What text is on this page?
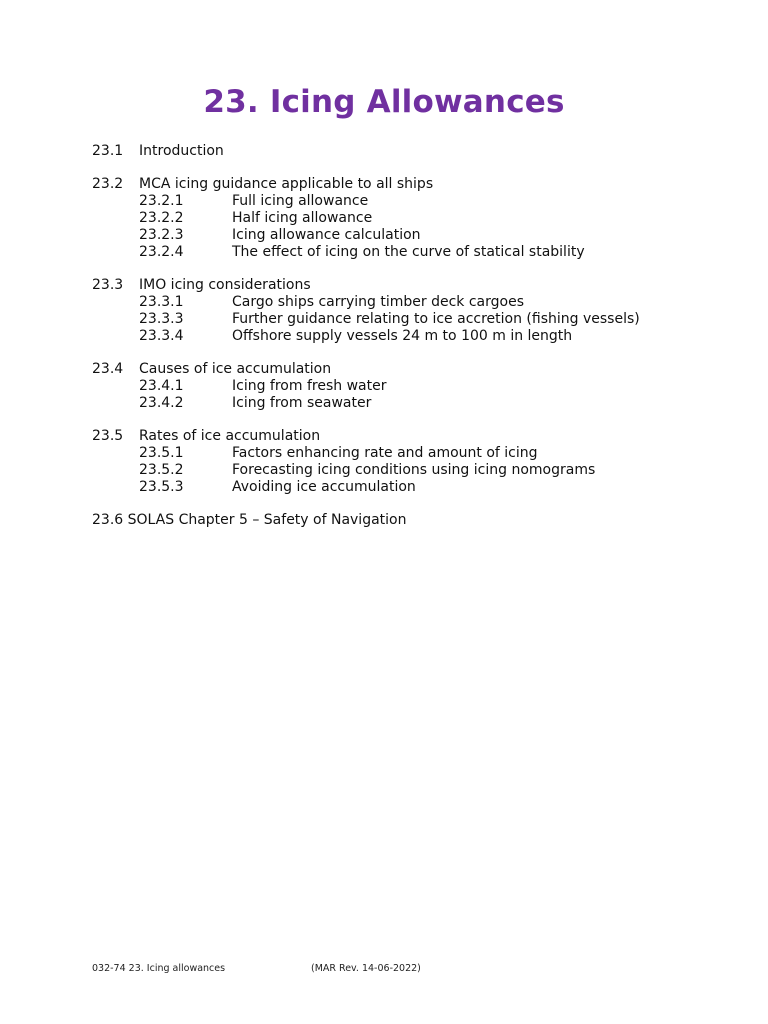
23. Icing Allowances
23.1	Introduction
23.2	MCA icing guidance applicable to all ships
23.2.1	Full icing allowance
23.2.2	Half icing allowance
23.2.3	Icing allowance calculation
23.2.4	The effect of icing on the curve of statical stability
23.3	IMO icing considerations
23.3.1	Cargo ships carrying timber deck cargoes
23.3.3	Further guidance relating to ice accretion (fishing vessels)
23.3.4	Offshore supply vessels 24 m to 100 m in length
23.4	Causes of ice accumulation
23.4.1	Icing from fresh water
23.4.2	Icing from seawater
23.5	Rates of ice accumulation
23.5.1	Factors enhancing rate and amount of icing
23.5.2	Forecasting icing conditions using icing nomograms
23.5.3	Avoiding ice accumulation
23.6 SOLAS Chapter 5 – Safety of Navigation
032-74 23. Icing allowances	(MAR Rev. 14-06-2022)
